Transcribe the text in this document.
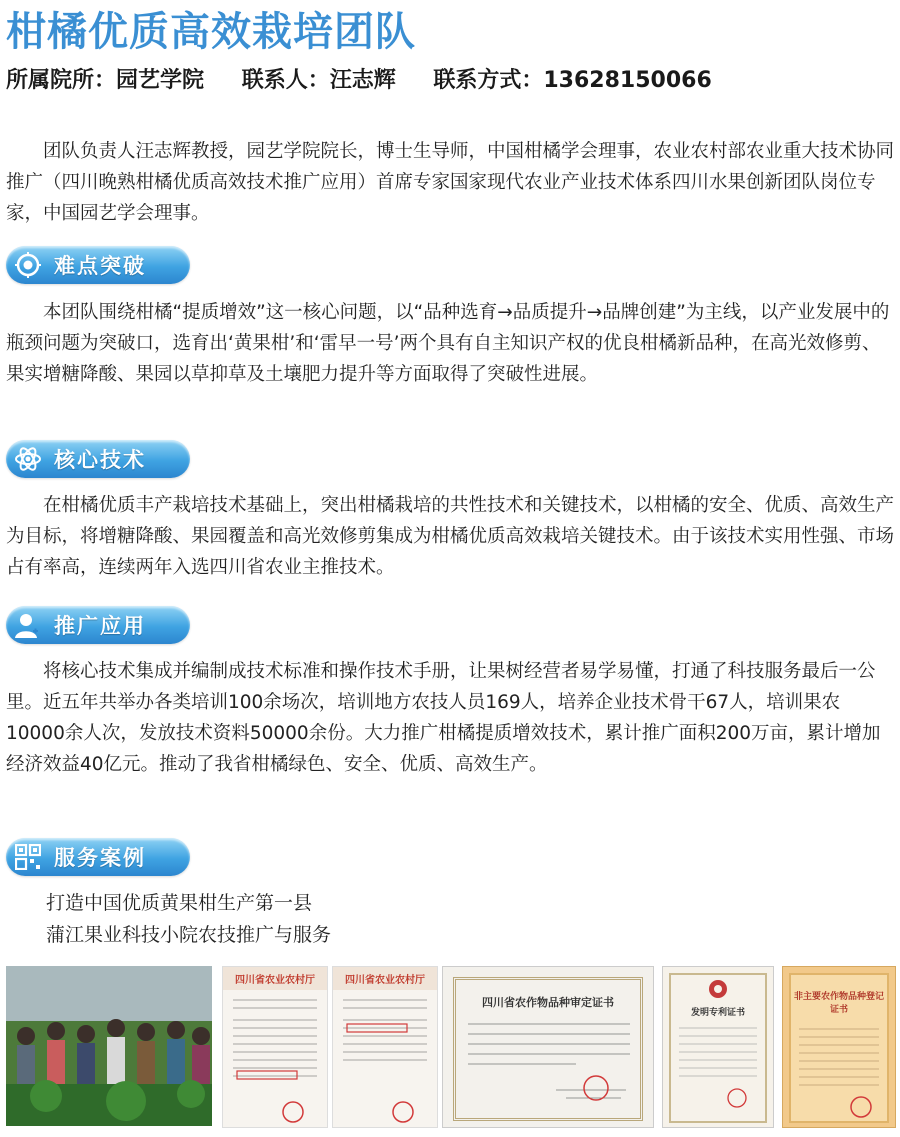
柑橘优质高效栽培团队
所属院所：园艺学院 联系人：汪志辉 联系方式：13628150066

团队负责人汪志辉教授，园艺学院院长，博士生导师，中国柑橘学会理事，农业农村部农业重大技术协同推广（四川晚熟柑橘优质高效技术推广应用）首席专家国家现代农业产业技术体系四川水果创新团队岗位专家，中国园艺学会理事。

难点突破

本团队围绕柑橘“提质增效”这一核心问题，以“品种选育→品质提升→品牌创建”为主线，以产业发展中的瓶颈问题为突破口，选育出‘黄果柑’和‘雷早一号’两个具有自主知识产权的优良柑橘新品种，在高光效修剪、果实增糖降酸、果园以草抑草及土壤肥力提升等方面取得了突破性进展。

核心技术

在柑橘优质丰产栽培技术基础上，突出柑橘栽培的共性技术和关键技术，以柑橘的安全、优质、高效生产为目标，将增糖降酸、果园覆盖和高光效修剪集成为柑橘优质高效栽培关键技术。由于该技术实用性强、市场占有率高，连续两年入选四川省农业主推技术。

推广应用

将核心技术集成并编制成技术标准和操作技术手册，让果树经营者易学易懂，打通了科技服务最后一公里。近五年共举办各类培训100余场次，培训地方农技人员169人，培养企业技术骨干67人，培训果农10000余人次，发放技术资料50000余份。大力推广柑橘提质增效技术，累计推广面积200万亩，累计增加经济效益40亿元。推动了我省柑橘绿色、安全、优质、高效生产。

服务案例
打造中国优质黄果柑生产第一县
蒲江果业科技小院农技推广与服务
四川省农业农村厅	四川省农业农村厅
四川省农作物品种审定证书
发明专利证书
非主要农作物品种登记证书
